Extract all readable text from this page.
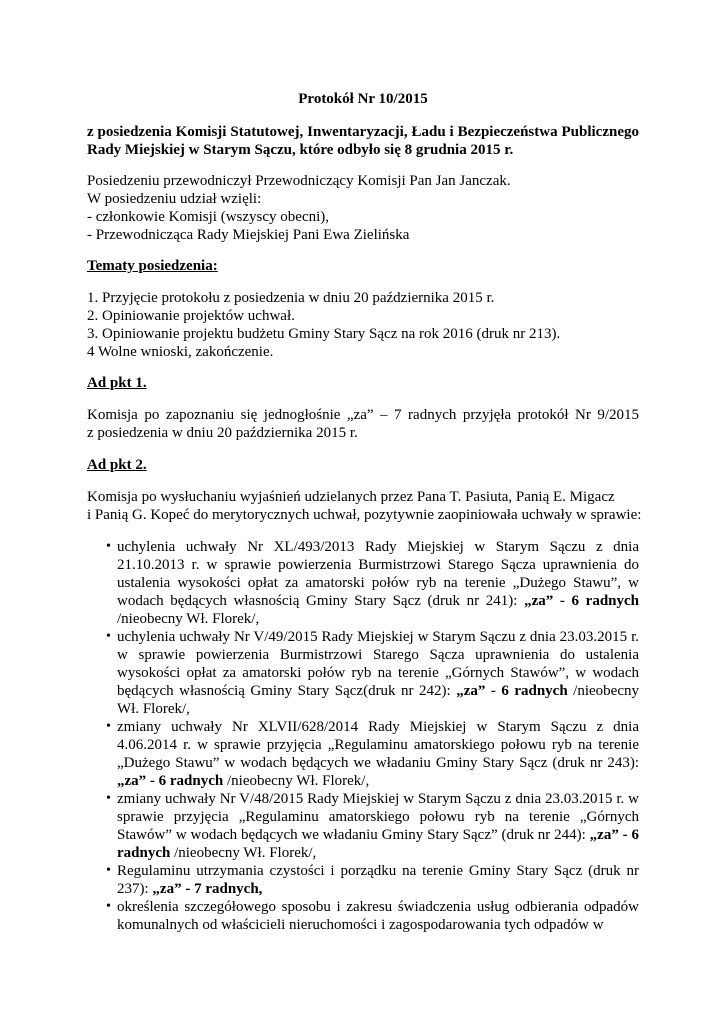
Protokół Nr 10/2015
z posiedzenia Komisji Statutowej, Inwentaryzacji, Ładu i Bezpieczeństwa Publicznego
Rady Miejskiej w Starym Sączu, które odbyło się 8 grudnia 2015 r.
Posiedzeniu przewodniczył Przewodniczący Komisji Pan Jan Janczak.
W posiedzeniu udział wzięli:
- członkowie Komisji (wszyscy obecni),
- Przewodnicząca Rady Miejskiej Pani Ewa Zielińska
Tematy posiedzenia:
1. Przyjęcie protokołu z posiedzenia w dniu 20 października 2015 r.
2. Opiniowanie projektów uchwał.
3. Opiniowanie projektu budżetu Gminy Stary Sącz na rok 2016 (druk nr 213).
4 Wolne wnioski, zakończenie.
Ad pkt 1.
Komisja po zapoznaniu się jednogłośnie „za” – 7 radnych przyjęła protokół Nr 9/2015
z posiedzenia w dniu 20 października 2015 r.
Ad pkt 2.
Komisja po wysłuchaniu wyjaśnień udzielanych przez Pana T. Pasiuta, Panią E. Migacz
i Panią G. Kopeć do merytorycznych uchwał, pozytywnie zaopiniowała uchwały w sprawie:
• uchylenia uchwały Nr XL/493/2013 Rady Miejskiej w Starym Sączu z dnia 21.10.2013 r. w sprawie powierzenia Burmistrzowi Starego Sącza uprawnienia do ustalenia wysokości opłat za amatorski połów ryb na terenie „Dużego Stawu”, w wodach będących własnością Gminy Stary Sącz (druk nr 241): „za” - 6 radnych /nieobecny Wł. Florek/,
• uchylenia uchwały Nr V/49/2015 Rady Miejskiej w Starym Sączu z dnia 23.03.2015 r. w sprawie powierzenia Burmistrzowi Starego Sącza uprawnienia do ustalenia wysokości opłat za amatorski połów ryb na terenie „Górnych Stawów”, w wodach będących własnością Gminy Stary Sącz(druk nr 242): „za” - 6 radnych /nieobecny Wł. Florek/,
• zmiany uchwały Nr XLVII/628/2014 Rady Miejskiej w Starym Sączu z dnia 4.06.2014 r. w sprawie przyjęcia „Regulaminu amatorskiego połowu ryb na terenie „Dużego Stawu” w wodach będących we władaniu Gminy Stary Sącz (druk nr 243): „za” - 6 radnych /nieobecny Wł. Florek/,
• zmiany uchwały Nr V/48/2015 Rady Miejskiej w Starym Sączu z dnia 23.03.2015 r. w sprawie przyjęcia „Regulaminu amatorskiego połowu ryb na terenie „Górnych Stawów” w wodach będących we władaniu Gminy Stary Sącz” (druk nr 244): „za” - 6 radnych /nieobecny Wł. Florek/,
• Regulaminu utrzymania czystości i porządku na terenie Gminy Stary Sącz (druk nr 237): „za” - 7 radnych,
• określenia szczegółowego sposobu i zakresu świadczenia usług odbierania odpadów komunalnych od właścicieli nieruchomości i zagospodarowania tych odpadów w
